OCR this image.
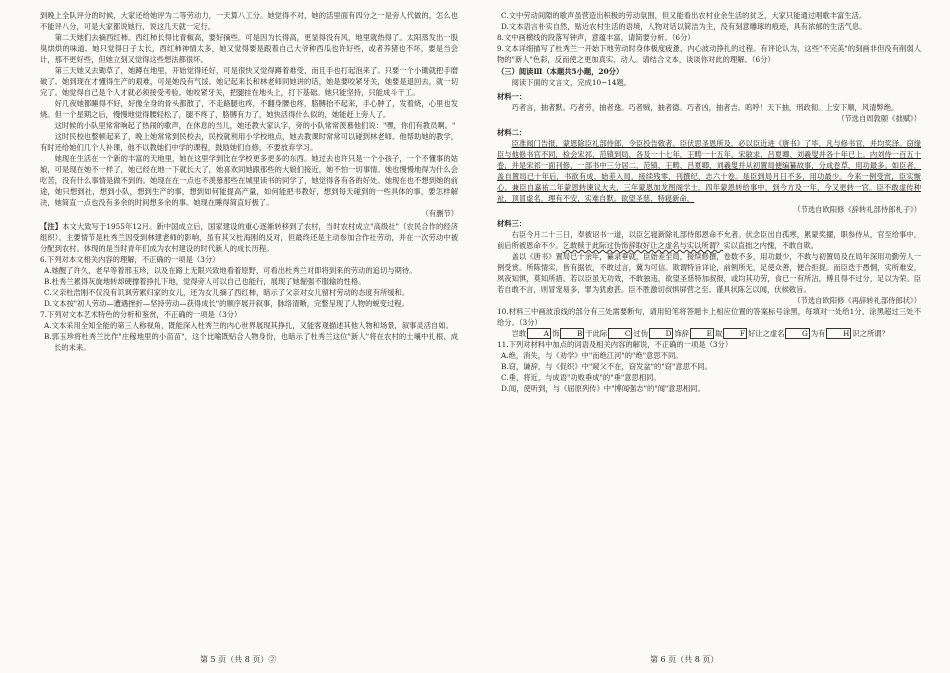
到晚上全队评分的时候，大家还给她评为二等劳动力，一天算八工分。她觉得不对，她的活里面有四分之一是旁人代做的，怎么也不能评八分，可是大家都说她行，说这几天就一定行。

第二天她们去摘西红柿。西红柿长得比青椒高，要好摘些。可是因为长得高，更显得没有风，地里就热得了。太阳蒸发出一股臭烘烘的味道。她只觉得日子太长，西红柿神情太多，她又觉得要是跟着自己大爷种西瓜也许好些，或者养猪也不坏，要是当会计，那不更好些，但她立刻又觉得这些想法都很坏。

第三天她又去锄草了，她蹲在地里，开始觉得还好，可是很快又觉得蹲着难受，而且手也打起泡来了。只要一个小锄就把手磨破了。她到现在才懂得生产的艰难，可是她没有气馁。她记起来长和林老师同她讲的话，她是要咬紧牙关，她要是退回去，就一切完了。她觉得自己是个人才就必须接受考验。她咬紧牙关，把腿挂在地头上，打下基础。她只能坚持，只能成斗干工。

好几夜她都睡得不好，好像全身的骨头都散了，不走路腿也疼，不翻身腰也疼，胳膊抬不起来，手心肿了，发着烧，心里也发烧。但一个星期之后，慢慢地觉得腰轻松了，腿不疼了，胳膊有力了，她快活得什么似的，她能赶上旁人了。

这时候的小队里常常响起了热闹的歌声，在休息的当儿，她还教大家认字，旁的小队常常羡慕他们说："嘿，你们有教员啊。"

这时民校也整顿起来了，晚上她常常到民校去，民校就利用小学校地点，她去教课时常常可以碰到林老师。他帮助她的教学，有时还给她们几个人补课，他不以教她们中学的课程，鼓励她们自修，不要放弃学习。

她现在生活在一个新的丰富的天地里，她在这里学到比在学校更多更多的东西。她过去也许只是一个小孩子，一个不懂事的姑娘，可是现在她不一样了，她已经在地一下就长大了，她喜欢同她跟那些的大娘们接近，她不怕一切事情。她也慢慢地得为什么会吃苦，没有什么事情是做不到的。她现在在一点也不羡慕那些在城里读书的同学了，她觉得各有各的好处。她现在也不想到她的前途，她只想到社，想到小队，想到生产的事，想到如何能提高产量，如何能把书教好，想到每天碰到的一些具体的事，要怎样解决，她简直一点也没有多余的时间想多余的事。她现在睡得简直好极了。

（有删节）

【注】本文大致写于1955年12月。新中国成立后，国家建设的重心逐渐转移到了农村，当时农村成立"高级社"（农民合作的经济组织）。主要情节是杜秀兰因受到林建老师的影响，虽有其父杜海刚的反对，但最终还是主动参加合作社劳动，并在一次劳动中被分配到农村。体现的是当时青年们成为农村建设的时代新人的成长历程。

6.下列对本文相关内容的理解，不正确的一项是（3分）

A.她醒了许久，老早等着邢玉珍，以及在路上无限兴致地看着原野，可看出杜秀兰对即将到来的劳动的追切与期待。

B.杜秀兰累得灰旋地转却硬撑着挣扎下地，觉得旁人可以自己也能行，展现了她倔强不服输的性格。

C.父亲杜浩刚不仅没有讥讽劳累归家的女儿，还为女儿摘了西红柿，暗示了父亲对女儿留村劳动的态度有所缓和。

D.文本按"初人劳动—遭遇挫折—坚持劳动—获得成长"的顺序展开叙事，脉络清晰，完整呈现了人物的蜕变过程。

7.下列对文本艺术特色的分析和鉴赏，不正确的一项是（3分）

A.文本采用全知全能的第三人称视角，既能深入杜秀兰的内心世界展现其挣扎，又能客观描述其他人物和场景，叙事灵活自如。

B.郭玉珍将杜秀兰比作"庄稼地里的小苗苗"，这个比喻既贴合人物身份，也暗示了杜秀兰这位"新人"将在农村的土壤中扎根、成长的未来。

C.文中劳动间隙的歌声虽营造出积极的劳动氛围，但又能看出农村业余生活的贫乏，大家只能通过唱歌丰富生活。

D.文本语言朴实自然，贴近农村生活的语境，人物对话以简洁为主，没有刻意雕琢的痕迹，具有浓郁的生活气息。

8.文中画横线的段落写钟声，意蕴丰富，请简要分析。（6分）

9.文本详细描写了杜秀兰一开始下地劳动时身体极度疲惫、内心波动挣扎的过程。有评论认为，这些"不完美"的刻画非但没有削弱人物的"新人"色彩，反而使之更加真实、动人。请结合文本，谈谈你对此的理解。（6分）

（三）阅读Ⅲ（本题共5小题，20分）

阅读下面的文言文，完成10~14题。

材料一：

巧者言，抽者默。巧者劳，抽者逸。巧者贼，抽者德。巧者凶，抽者吉。呜呼！天下抽，刑政彻。上安下顺，风清弊绝。

（节选自周敦颐《拙赋》）

材料二：

臣准闻门告报，蒙恩除臣礼部侍郎，令臣投告敕者。臣伏思圣恩所及，必以臣近进《唐书》了毕，凡与修书官，并均奖泽。窃缘臣与他修书官不同，检会宋祁、范镇到局，各及一十七年，王畴一十五年，宋敏求、吕夏卿、刘羲叟并各十年已上。内刘侍一百五十卷，并是宋祁一面刊修，一部书中三分居二，范镇、王畴、吕夏卿、刘羲叟并从初置局便编纂故事，分成卷草，用功最多。如臣者，盖自置局已十年后，书欲有成，始差入局，接续残零，刊撰纪、志六十卷。是臣到局月日不多，用功最少。今来一例受赏，臣实惭心。兼臣自嘉祐二年蒙恩转谏议大夫，三年蒙恩加龙图阁学士，四年蒙恩转给事中，到今方及一年，今又更转一官。臣不敢虚传种祉，顶冒虚名，理有不安，实难自默。欲望圣慈，特寝新命，

（节选自欧阳修《辞转礼部侍郎札子》）

材料三：

右臣今月二十三日，奉被诏书一道，以臣乞寝新除礼部侍郎恩命不允者。伏念臣出自孤寒，累蒙奖擢，职参侍从，官至给事中，前后所被恩命不少。乞敢赎于此际过伪饰辞取好让之虚名与实以所谓？实以直拙之内愧，不敢自欺。

盖以《唐书》置局已十余年，纂录垂就，臣始差至局，接续修撰，卷数不多，用功最少，不敢与初置局及在局年深用功勤劳人一例受赏。所陈情实，皆有据依，不敢过言，冀为可信。欺谓特旨详论，前例所无，足使众善，便合拒捉。而臣迭于愚惘，实所难安，夙夜知惧，莫知所措。若以臣虽无功效，不敢独违，欲望圣慈特加叔报，或均其功劳，食已一有所沾，傅且得不过分，足以为荣。臣若自敢不言，则冒宠易多，罪为犹愈甚。臣不胜激切叔惧屏营之至。谨具状陈乞以闻，伏候敕旨。

（节选自欧阳修《再辞转礼部侍郎状》）

10.材料三中画波浪线的部分有三处需要断句，请用铅笔将答题卡上相应位置的答案标号涂黑，每填对一处给1分，涂黑超过三处不给分。（3分）

岂敢 A 饰 B 于此际 C 过伪 D 饰辞 E 取 F 好让之虚名 G 为有 H 识之所谓？

11.下列对材料中加点的词语及相关内容的解说，不正确的一项是（3分）

A.绝，消失，与《劝学》中"而绝江河"的"绝"意思不同。

B.窃，谦辞，与《促织》中"窥父不在，窃发盆"的"窃"意思不同。

C.垂，将近，与成语"功败垂成"的"垂"意思相同。

D.闻，使听到，与《屈原列传》中"博闻强志"的"闻"意思相同。

第 5 页（共 8 页）②	第 6 页（共 8 页）
